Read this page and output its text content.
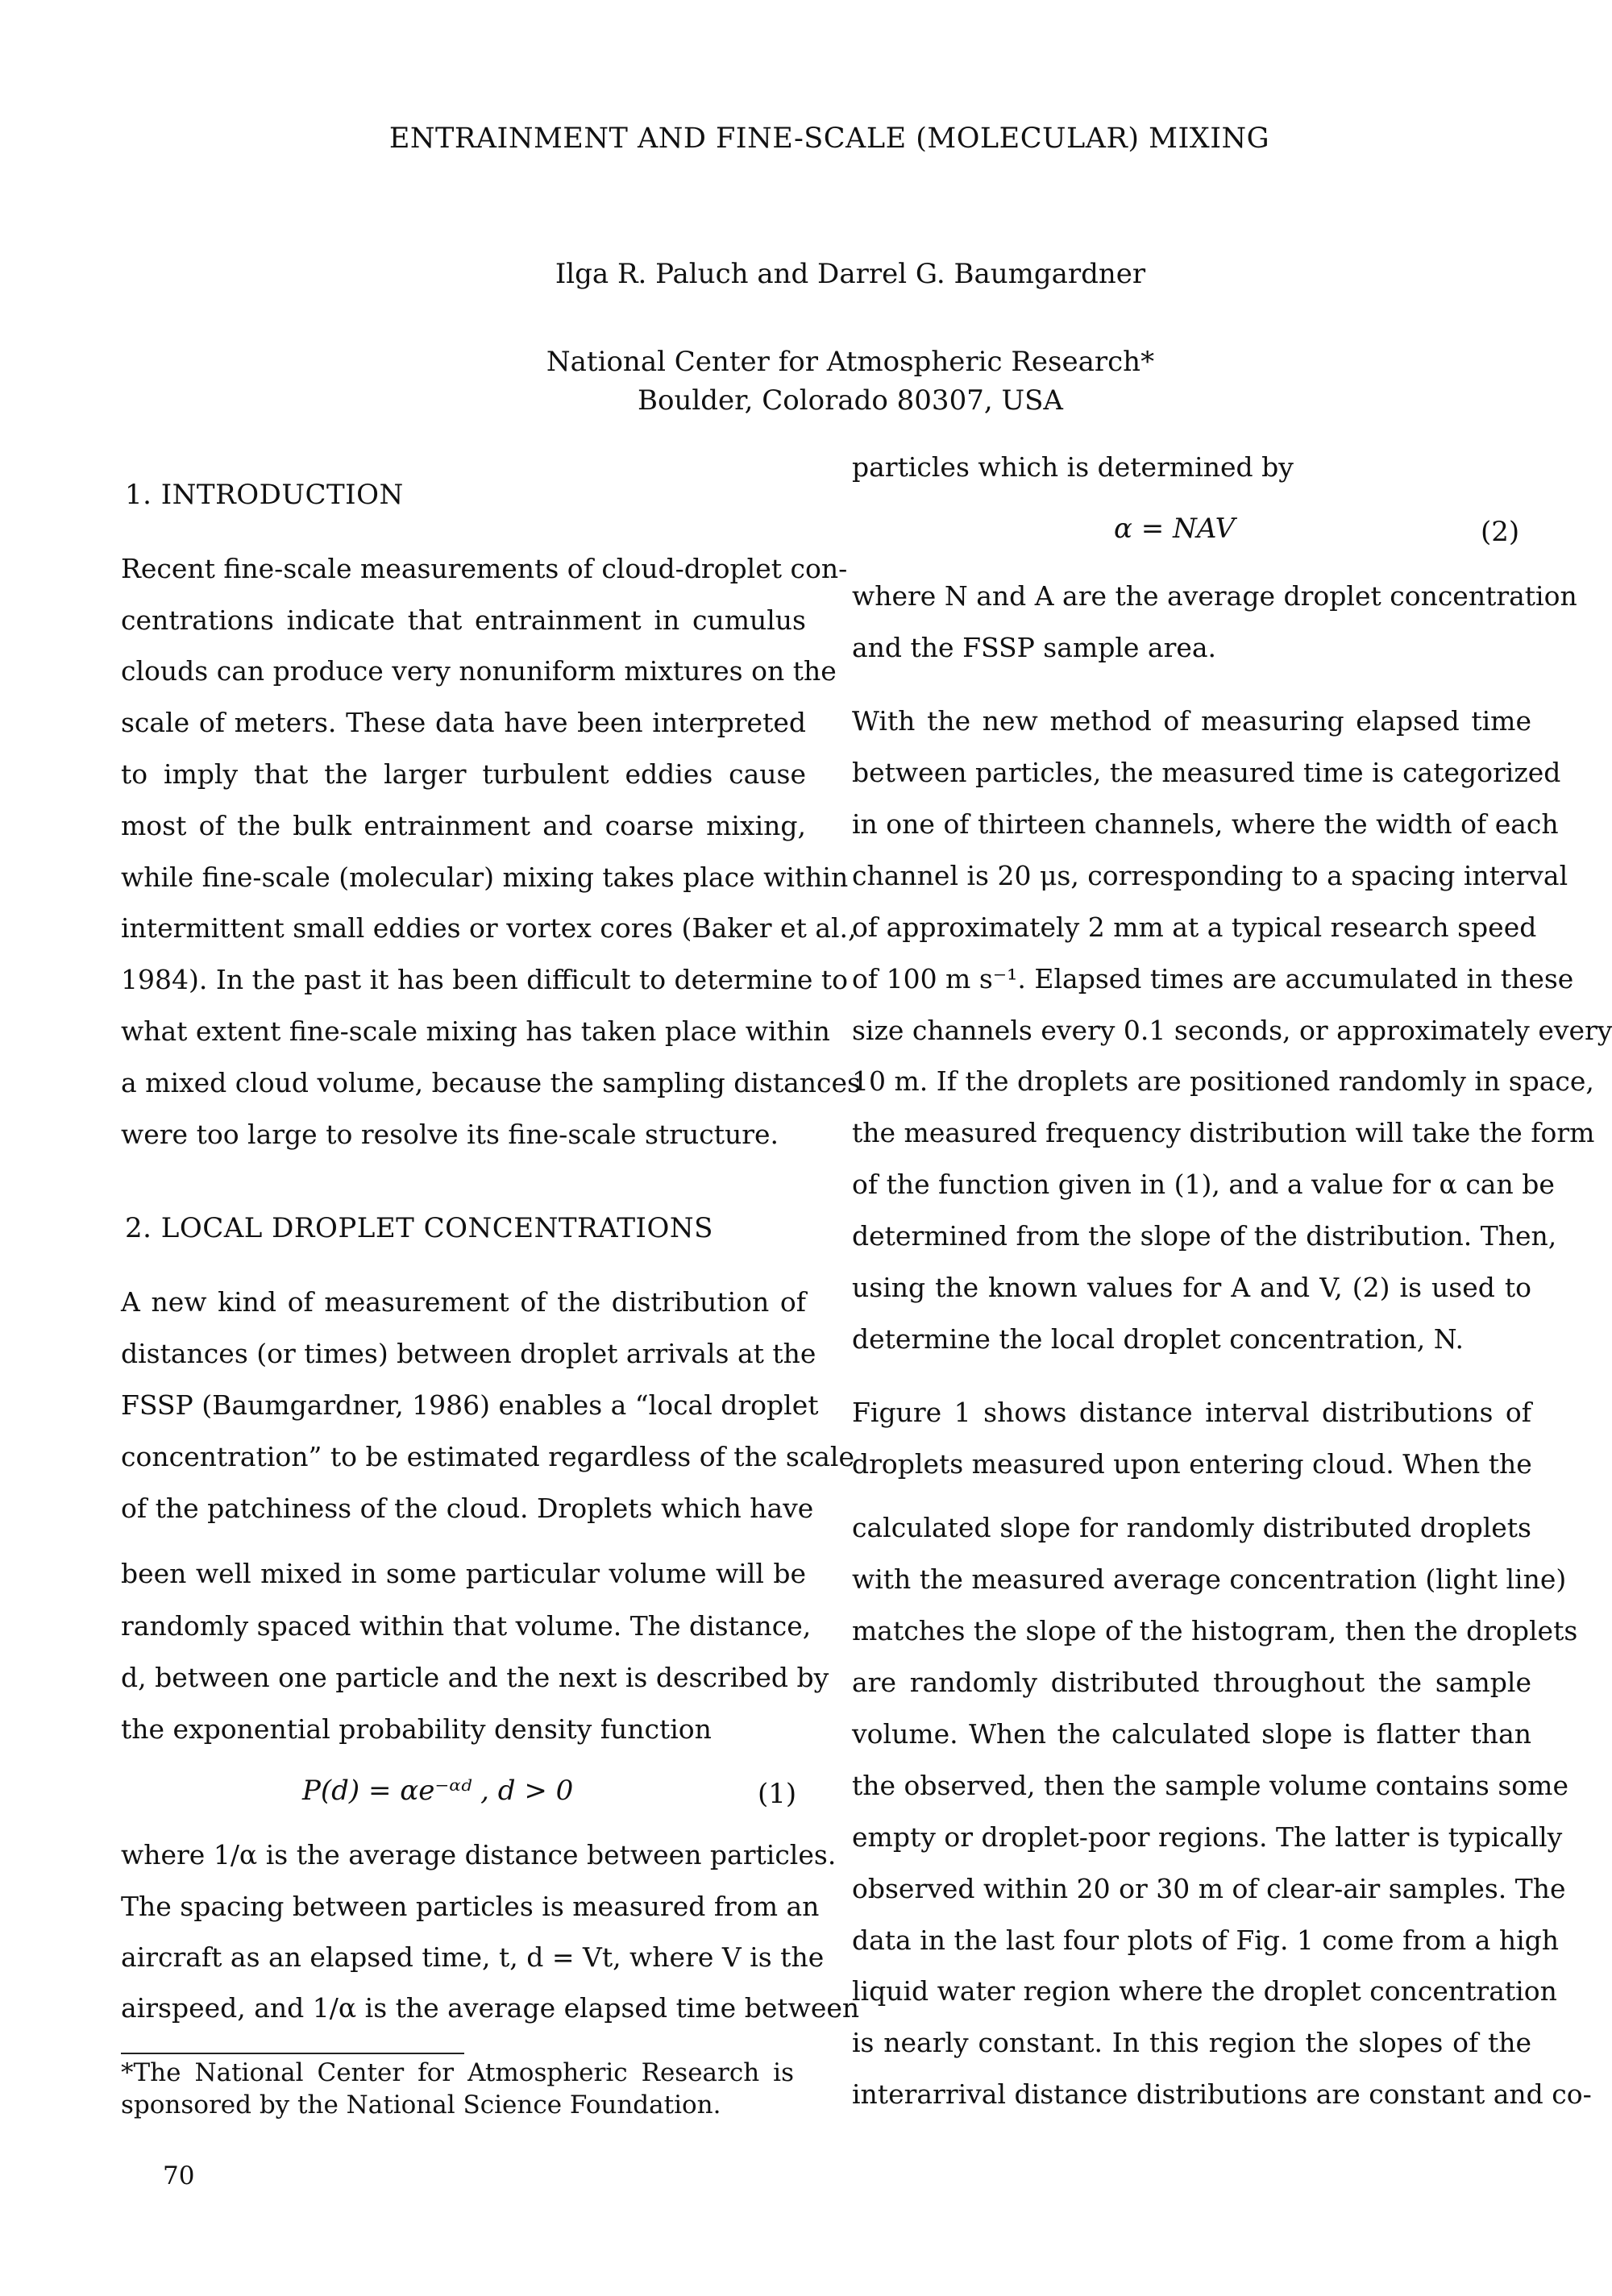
ENTRAINMENT AND FINE-SCALE (MOLECULAR) MIXING
Ilga R. Paluch and Darrel G. Baumgardner
National Center for Atmospheric Research*
Boulder, Colorado 80307, USA
1. INTRODUCTION
Recent fine-scale measurements of cloud-droplet con-
centrations indicate that entrainment in cumulus
clouds can produce very nonuniform mixtures on the
scale of meters. These data have been interpreted
to imply that the larger turbulent eddies cause
most of the bulk entrainment and coarse mixing,
while fine-scale (molecular) mixing takes place within
intermittent small eddies or vortex cores (Baker et al.,
1984). In the past it has been difficult to determine to
what extent fine-scale mixing has taken place within
a mixed cloud volume, because the sampling distances
were too large to resolve its fine-scale structure.
2. LOCAL DROPLET CONCENTRATIONS
A new kind of measurement of the distribution of
distances (or times) between droplet arrivals at the
FSSP (Baumgardner, 1986) enables a “local droplet
concentration” to be estimated regardless of the scale
of the patchiness of the cloud. Droplets which have
been well mixed in some particular volume will be
randomly spaced within that volume. The distance,
d, between one particle and the next is described by
the exponential probability density function
P(d) = αe⁻ᵅᵈ , d > 0	(1)
where 1/α is the average distance between particles.
The spacing between particles is measured from an
aircraft as an elapsed time, t, d = Vt, where V is the
airspeed, and 1/α is the average elapsed time between
*The National Center for Atmospheric Research is sponsored by the National Science Foundation.
70
particles which is determined by
α = NAV	(2)
where N and A are the average droplet concentration
and the FSSP sample area.
With the new method of measuring elapsed time
between particles, the measured time is categorized
in one of thirteen channels, where the width of each
channel is 20 μs, corresponding to a spacing interval
of approximately 2 mm at a typical research speed
of 100 m s⁻¹. Elapsed times are accumulated in these
size channels every 0.1 seconds, or approximately every
10 m. If the droplets are positioned randomly in space,
the measured frequency distribution will take the form
of the function given in (1), and a value for α can be
determined from the slope of the distribution. Then,
using the known values for A and V, (2) is used to
determine the local droplet concentration, N.
Figure 1 shows distance interval distributions of
droplets measured upon entering cloud. When the
calculated slope for randomly distributed droplets
with the measured average concentration (light line)
matches the slope of the histogram, then the droplets
are randomly distributed throughout the sample
volume. When the calculated slope is flatter than
the observed, then the sample volume contains some
empty or droplet-poor regions. The latter is typically
observed within 20 or 30 m of clear-air samples. The
data in the last four plots of Fig. 1 come from a high
liquid water region where the droplet concentration
is nearly constant. In this region the slopes of the
interarrival distance distributions are constant and co-
